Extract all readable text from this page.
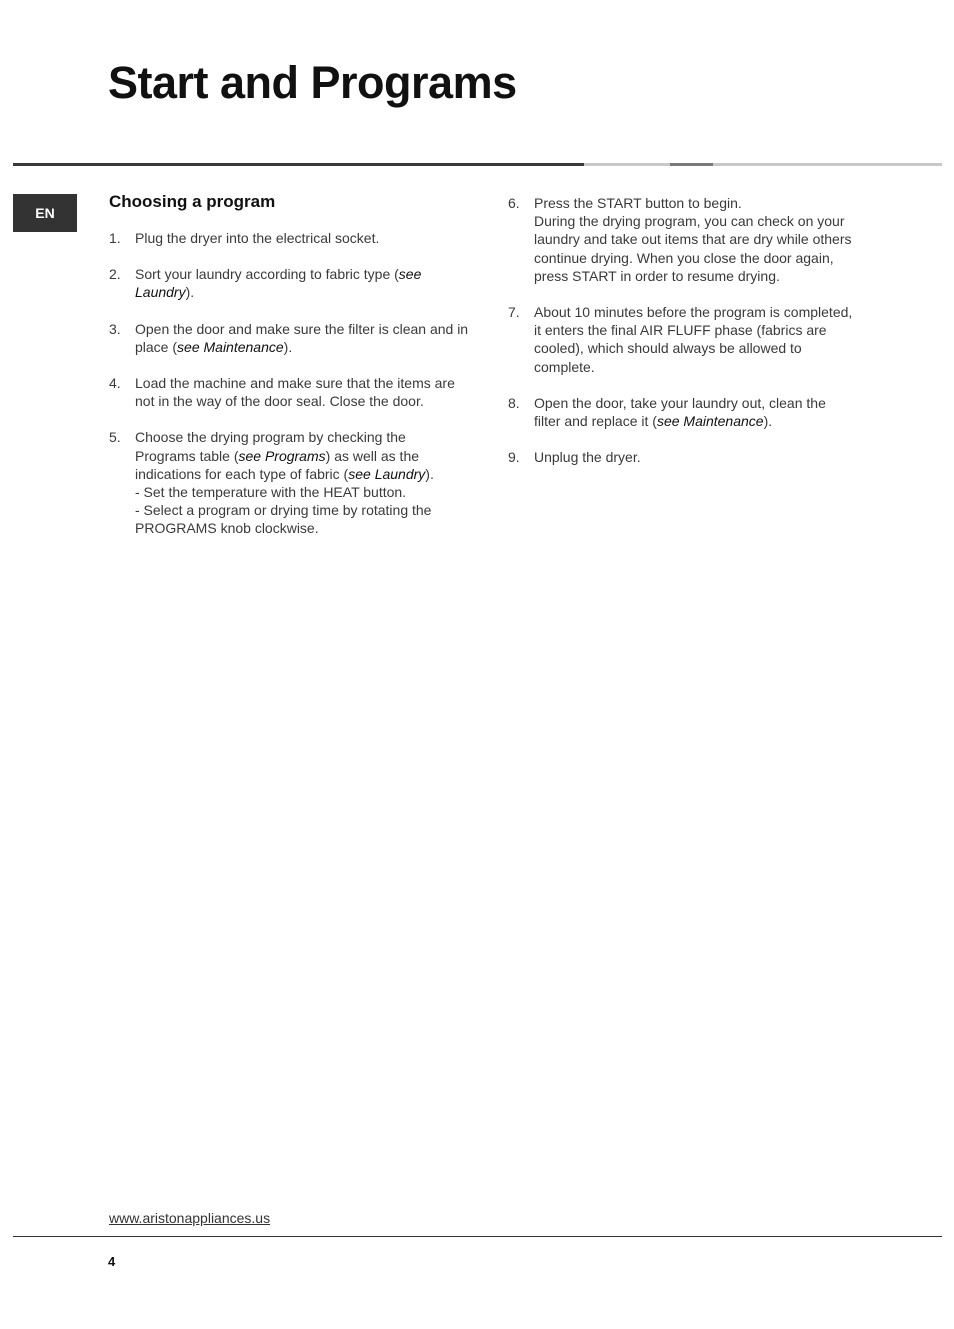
Start and Programs
EN
Choosing a program
1. Plug the dryer into the electrical socket.
2. Sort your laundry according to fabric type (see Laundry).
3. Open the door and make sure the filter is clean and in place (see Maintenance).
4. Load the machine and make sure that the items are not in the way of the door seal. Close the door.
5. Choose the drying program by checking the Programs table (see Programs) as well as the indications for each type of fabric (see Laundry).
- Set the temperature with the HEAT button.
- Select a program or drying time by rotating the PROGRAMS knob clockwise.
6. Press the START button to begin.
During the drying program, you can check on your laundry and take out items that are dry while others continue drying. When you close the door again, press START in order to resume drying.
7. About 10 minutes before the program is completed, it enters the final AIR FLUFF phase (fabrics are cooled), which should always be allowed to complete.
8. Open the door, take your laundry out, clean the filter and replace it (see Maintenance).
9. Unplug the dryer.
www.aristonappliances.us
4
